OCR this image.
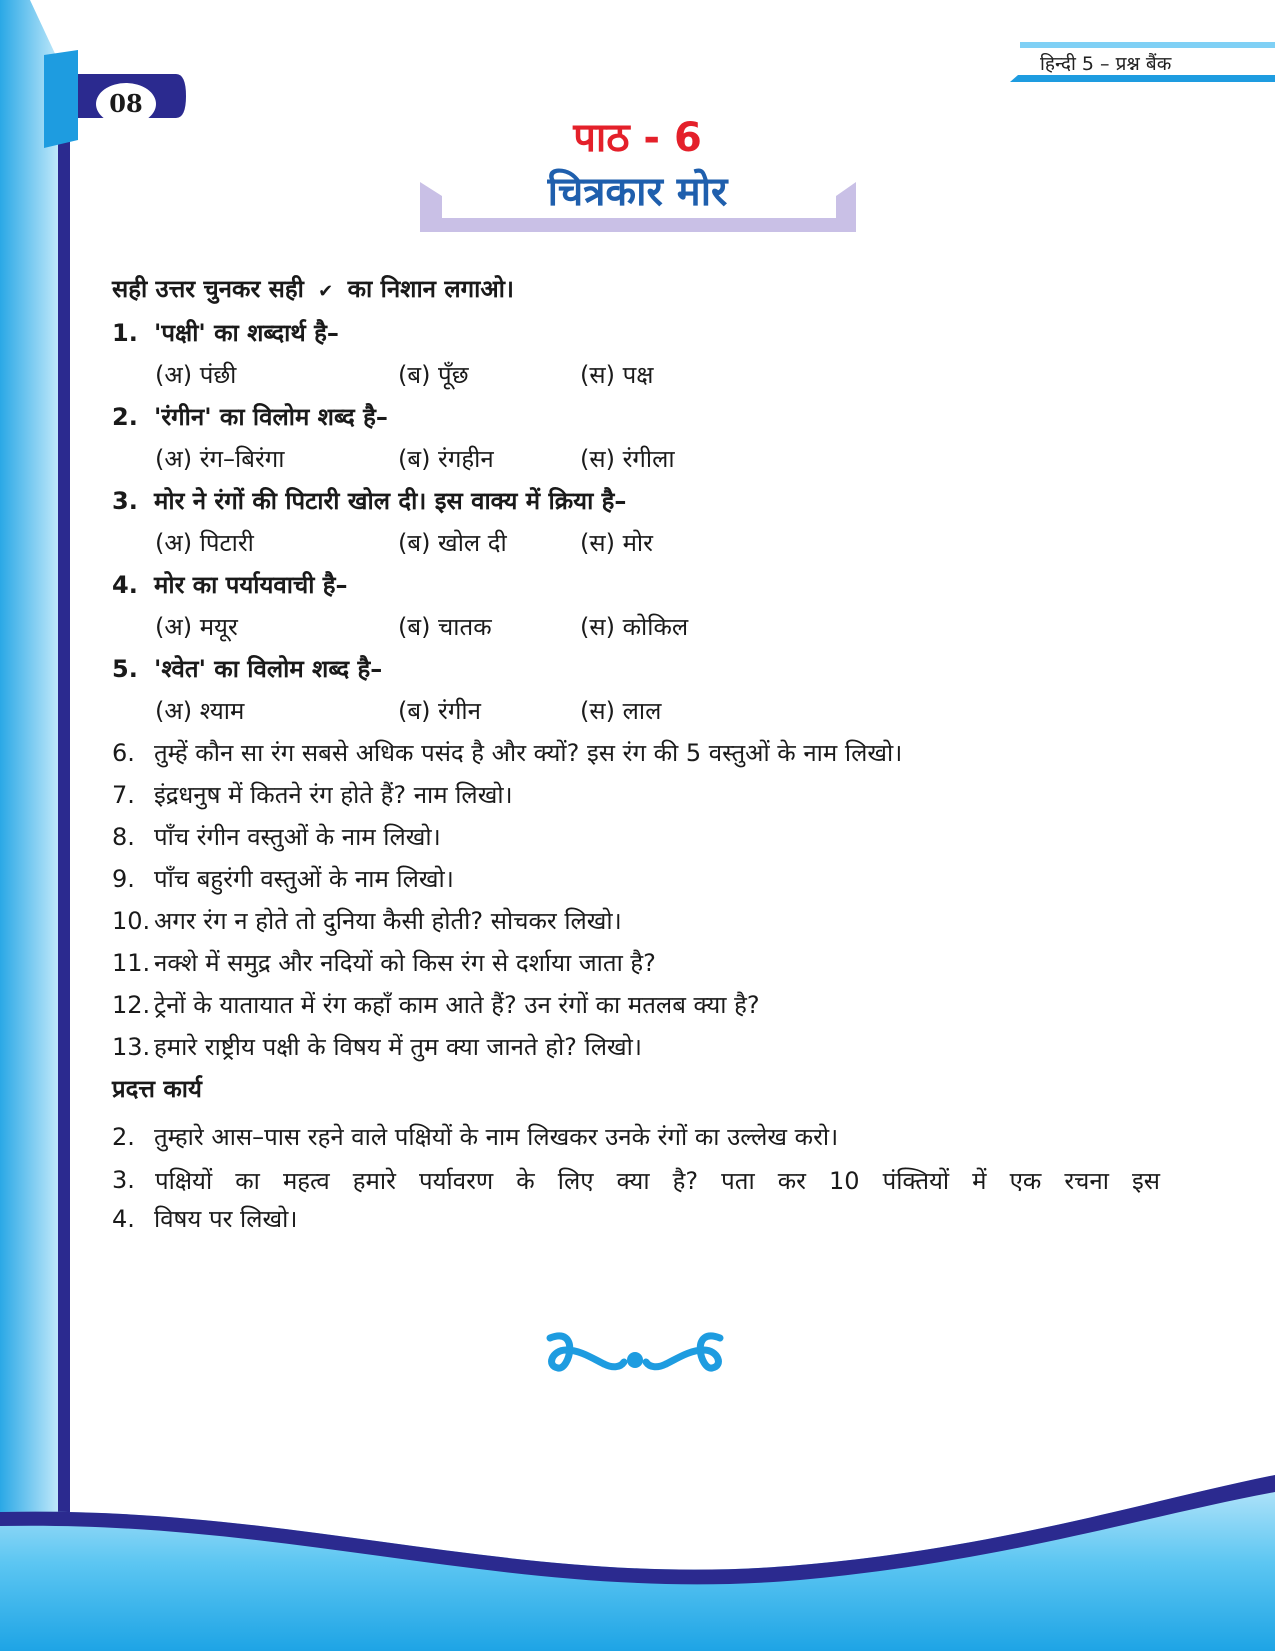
हिन्दी 5 – प्रश्न बैंक
08
पाठ - 6
चित्रकार मोर
सही उत्तर चुनकर सही ✔ का निशान लगाओ।
1. 'पक्षी' का शब्दार्थ है–
(अ) पंछी	(ब) पूँछ	(स) पक्ष
2. 'रंगीन' का विलोम शब्द है–
(अ) रंग–बिरंगा	(ब) रंगहीन	(स) रंगीला
3. मोर ने रंगों की पिटारी खोल दी। इस वाक्य में क्रिया है–
(अ) पिटारी	(ब) खोल दी	(स) मोर
4. मोर का पर्यायवाची है–
(अ) मयूर	(ब) चातक	(स) कोकिल
5. 'श्वेत' का विलोम शब्द है–
(अ) श्याम	(ब) रंगीन	(स) लाल
6. तुम्हें कौन सा रंग सबसे अधिक पसंद है और क्यों? इस रंग की 5 वस्तुओं के नाम लिखो।
7. इंद्रधनुष में कितने रंग होते हैं? नाम लिखो।
8. पाँच रंगीन वस्तुओं के नाम लिखो।
9. पाँच बहुरंगी वस्तुओं के नाम लिखो।
10. अगर रंग न होते तो दुनिया कैसी होती? सोचकर लिखो।
11. नक्शे में समुद्र और नदियों को किस रंग से दर्शाया जाता है?
12. ट्रेनों के यातायात में रंग कहाँ काम आते हैं? उन रंगों का मतलब क्या है?
13. हमारे राष्ट्रीय पक्षी के विषय में तुम क्या जानते हो? लिखो।
प्रदत्त कार्य
2. तुम्हारे आस–पास रहने वाले पक्षियों के नाम लिखकर उनके रंगों का उल्लेख करो।
3. पक्षियों का महत्व हमारे पर्यावरण के लिए क्या है? पता कर 10 पंक्तियों में एक रचना इस
4. विषय पर लिखो।
